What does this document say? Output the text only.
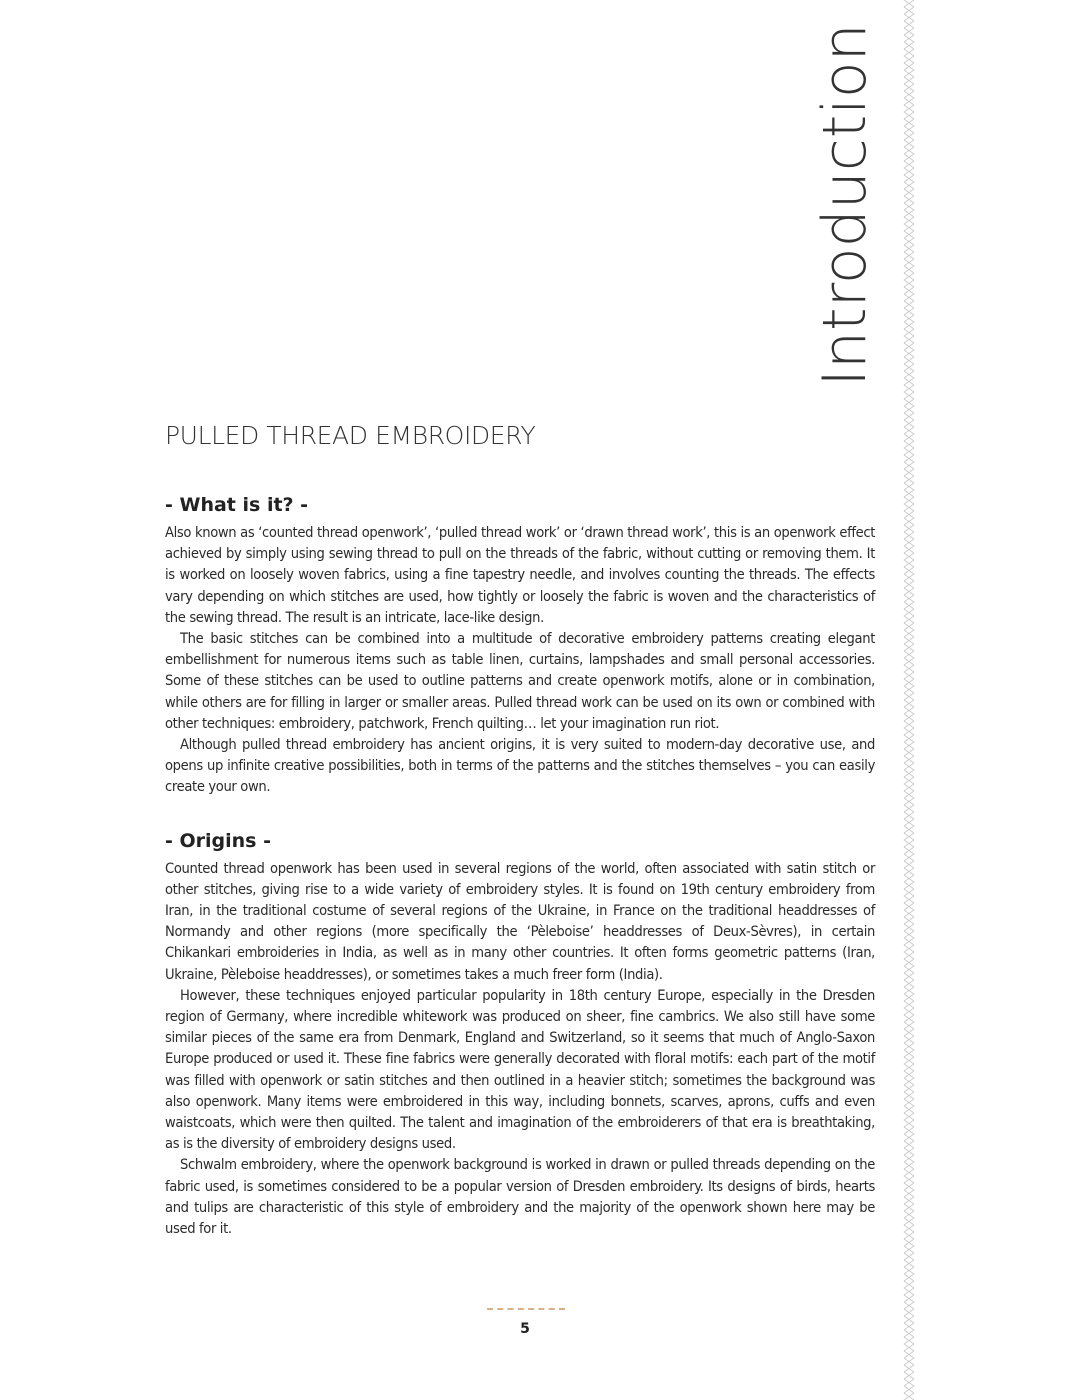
Introduction
PULLED THREAD EMBROIDERY
- What is it? -

Also known as ‘counted thread openwork’, ‘pulled thread work’ or ‘drawn thread work’, this is an openwork effect achieved by simply using sewing thread to pull on the threads of the fabric, without cutting or removing them. It is worked on loosely woven fabrics, using a fine tapestry needle, and involves counting the threads. The effects vary depending on which stitches are used, how tightly or loosely the fabric is woven and the characteristics of the sewing thread. The result is an intricate, lace-like design.

The basic stitches can be combined into a multitude of decorative embroidery patterns creating elegant embellishment for numerous items such as table linen, curtains, lampshades and small personal accessories. Some of these stitches can be used to outline patterns and create openwork motifs, alone or in combination, while others are for filling in larger or smaller areas. Pulled thread work can be used on its own or combined with other techniques: embroidery, patchwork, French quilting… let your imagination run riot.

Although pulled thread embroidery has ancient origins, it is very suited to modern-day decorative use, and opens up infinite creative possibilities, both in terms of the patterns and the stitches themselves – you can easily create your own.

- Origins -

Counted thread openwork has been used in several regions of the world, often associated with satin stitch or other stitches, giving rise to a wide variety of embroidery styles. It is found on 19th century embroidery from Iran, in the traditional costume of several regions of the Ukraine, in France on the traditional headdresses of Normandy and other regions (more specifically the ‘Pèleboise’ headdresses of Deux-Sèvres), in certain Chikankari embroideries in India, as well as in many other countries. It often forms geometric patterns (Iran, Ukraine, Pèleboise headdresses), or sometimes takes a much freer form (India).

However, these techniques enjoyed particular popularity in 18th century Europe, especially in the Dresden region of Germany, where incredible whitework was produced on sheer, fine cambrics. We also still have some similar pieces of the same era from Denmark, England and Switzerland, so it seems that much of Anglo-Saxon Europe produced or used it. These fine fabrics were generally decorated with floral motifs: each part of the motif was filled with openwork or satin stitches and then outlined in a heavier stitch; sometimes the background was also openwork. Many items were embroidered in this way, including bonnets, scarves, aprons, cuffs and even waistcoats, which were then quilted. The talent and imagination of the embroiderers of that era is breathtaking, as is the diversity of embroidery designs used.

Schwalm embroidery, where the openwork background is worked in drawn or pulled threads depending on the fabric used, is sometimes considered to be a popular version of Dresden embroidery. Its designs of birds, hearts and tulips are characteristic of this style of embroidery and the majority of the openwork shown here may be used for it.

5
